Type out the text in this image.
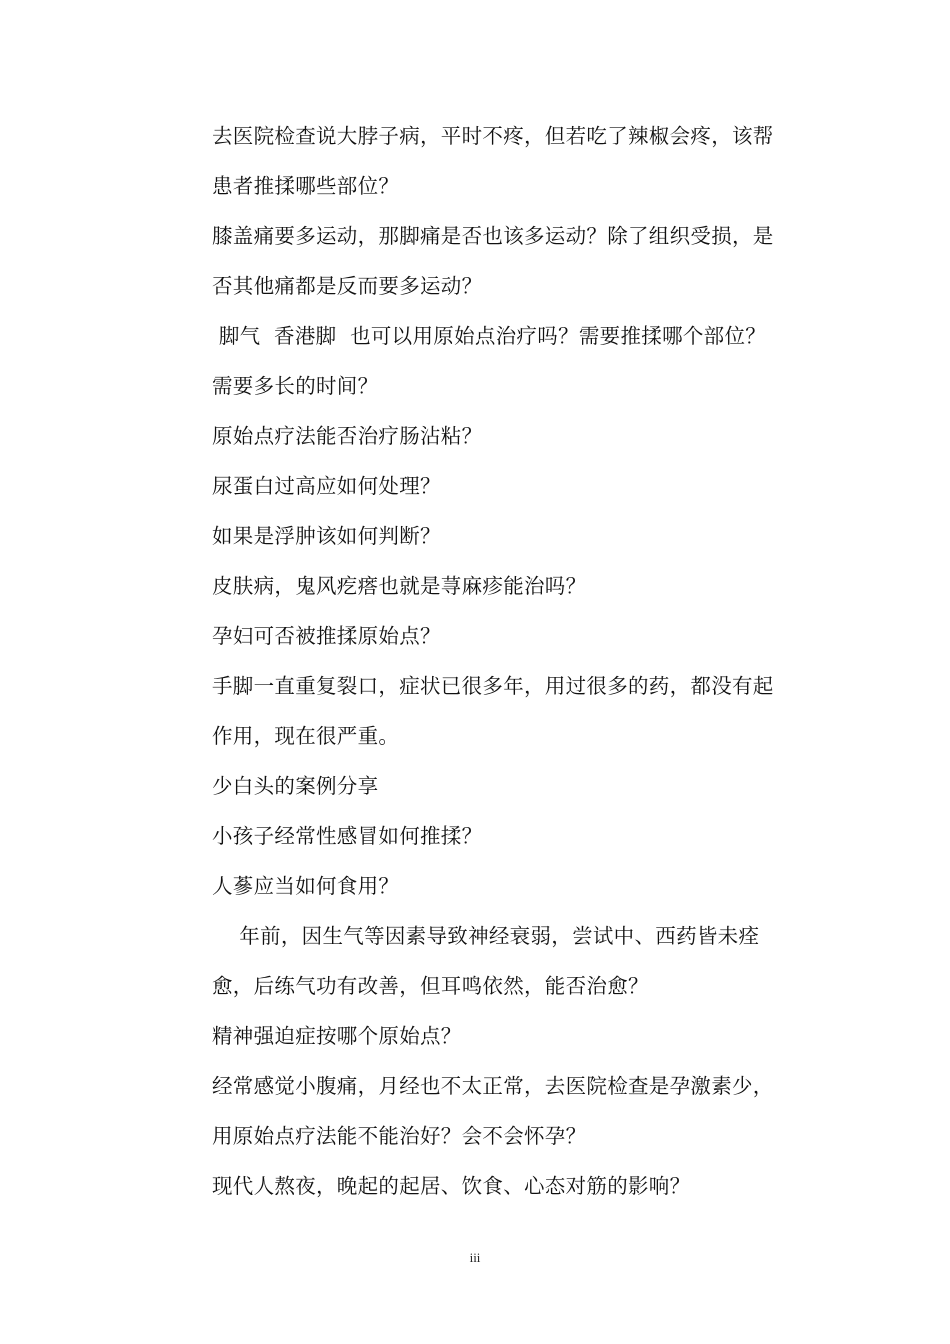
去医院检查说大脖子病，平时不疼，但若吃了辣椒会疼，该帮
患者推揉哪些部位？
膝盖痛要多运动，那脚痛是否也该多运动？除了组织受损，是
否其他痛都是反而要多运动？
脚气  香港脚  也可以用原始点治疗吗？需要推揉哪个部位？
需要多长的时间？
原始点疗法能否治疗肠沾粘？
尿蛋白过高应如何处理？
如果是浮肿该如何判断？
皮肤病，鬼风疙瘩也就是荨麻疹能治吗？
孕妇可否被推揉原始点？
手脚一直重复裂口，症状已很多年，用过很多的药，都没有起
作用，现在很严重。
少白头的案例分享
小孩子经常性感冒如何推揉？
人蔘应当如何食用？
年前，因生气等因素导致神经衰弱，尝试中、西药皆未痊
愈，后练气功有改善，但耳鸣依然，能否治愈？
精神强迫症按哪个原始点？
经常感觉小腹痛，月经也不太正常，去医院检查是孕激素少，
用原始点疗法能不能治好？会不会怀孕？
现代人熬夜，晚起的起居、饮食、心态对筋的影响？
iii
